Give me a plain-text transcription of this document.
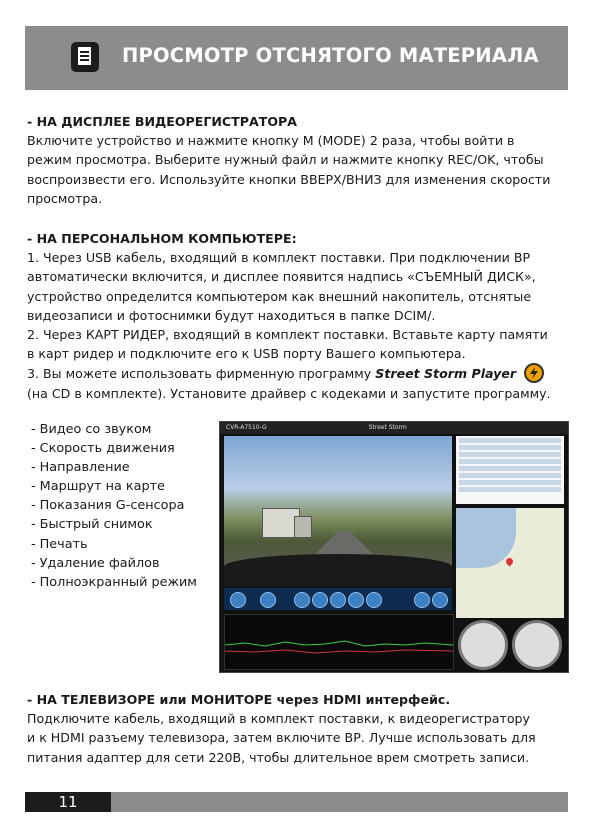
ПРОСМОТР ОТСНЯТОГО МАТЕРИАЛА
- НА ДИСПЛЕЕ ВИДЕОРЕГИСТРАТОРА

Включите устройство и нажмите кнопку М (MODE) 2 раза, чтобы войти в

режим просмотра. Выберите нужный файл и нажмите кнопку REC/OK, чтобы

воспроизвести его. Используйте кнопки ВВЕРХ/ВНИЗ для изменения скорости

просмотра.

- НА ПЕРСОНАЛЬНОМ КОМПЬЮТЕРЕ:

1. Через USB кабель, входящий в комплект поставки. При подключении ВР

автоматически включится, и дисплее появится надпись «СЪЕМНЫЙ ДИСК»,

устройство определится компьютером как внешний накопитель, отснятые

видеозаписи и фотоснимки будут находиться в папке DCIM/.

2. Через КАРТ РИДЕР, входящий в комплект поставки. Вставьте карту памяти

в карт ридер и подключите его к USB порту Вашего компьютера.

3. Вы можете использовать фирменную программу Street Storm Player

(на CD в комплекте). Установите драйвер с кодеками и запустите программу.

- Видео со звуком
- Скорость движения
- Направление
- Маршрут на карте
- Показания G-сенсора
- Быстрый снимок
- Печать
- Удаление файлов
- Полноэкранный режим
CVR-A7510-G	Street Storm
- НА ТЕЛЕВИЗОРЕ или МОНИТОРЕ через HDMI интерфейс.

Подключите кабель, входящий в комплект поставки, к видеорегистратору

и к HDMI разъему телевизора, затем включите ВР. Лучше использовать для

питания адаптер для сети 220В, чтобы длительное врем смотреть записи.

11
